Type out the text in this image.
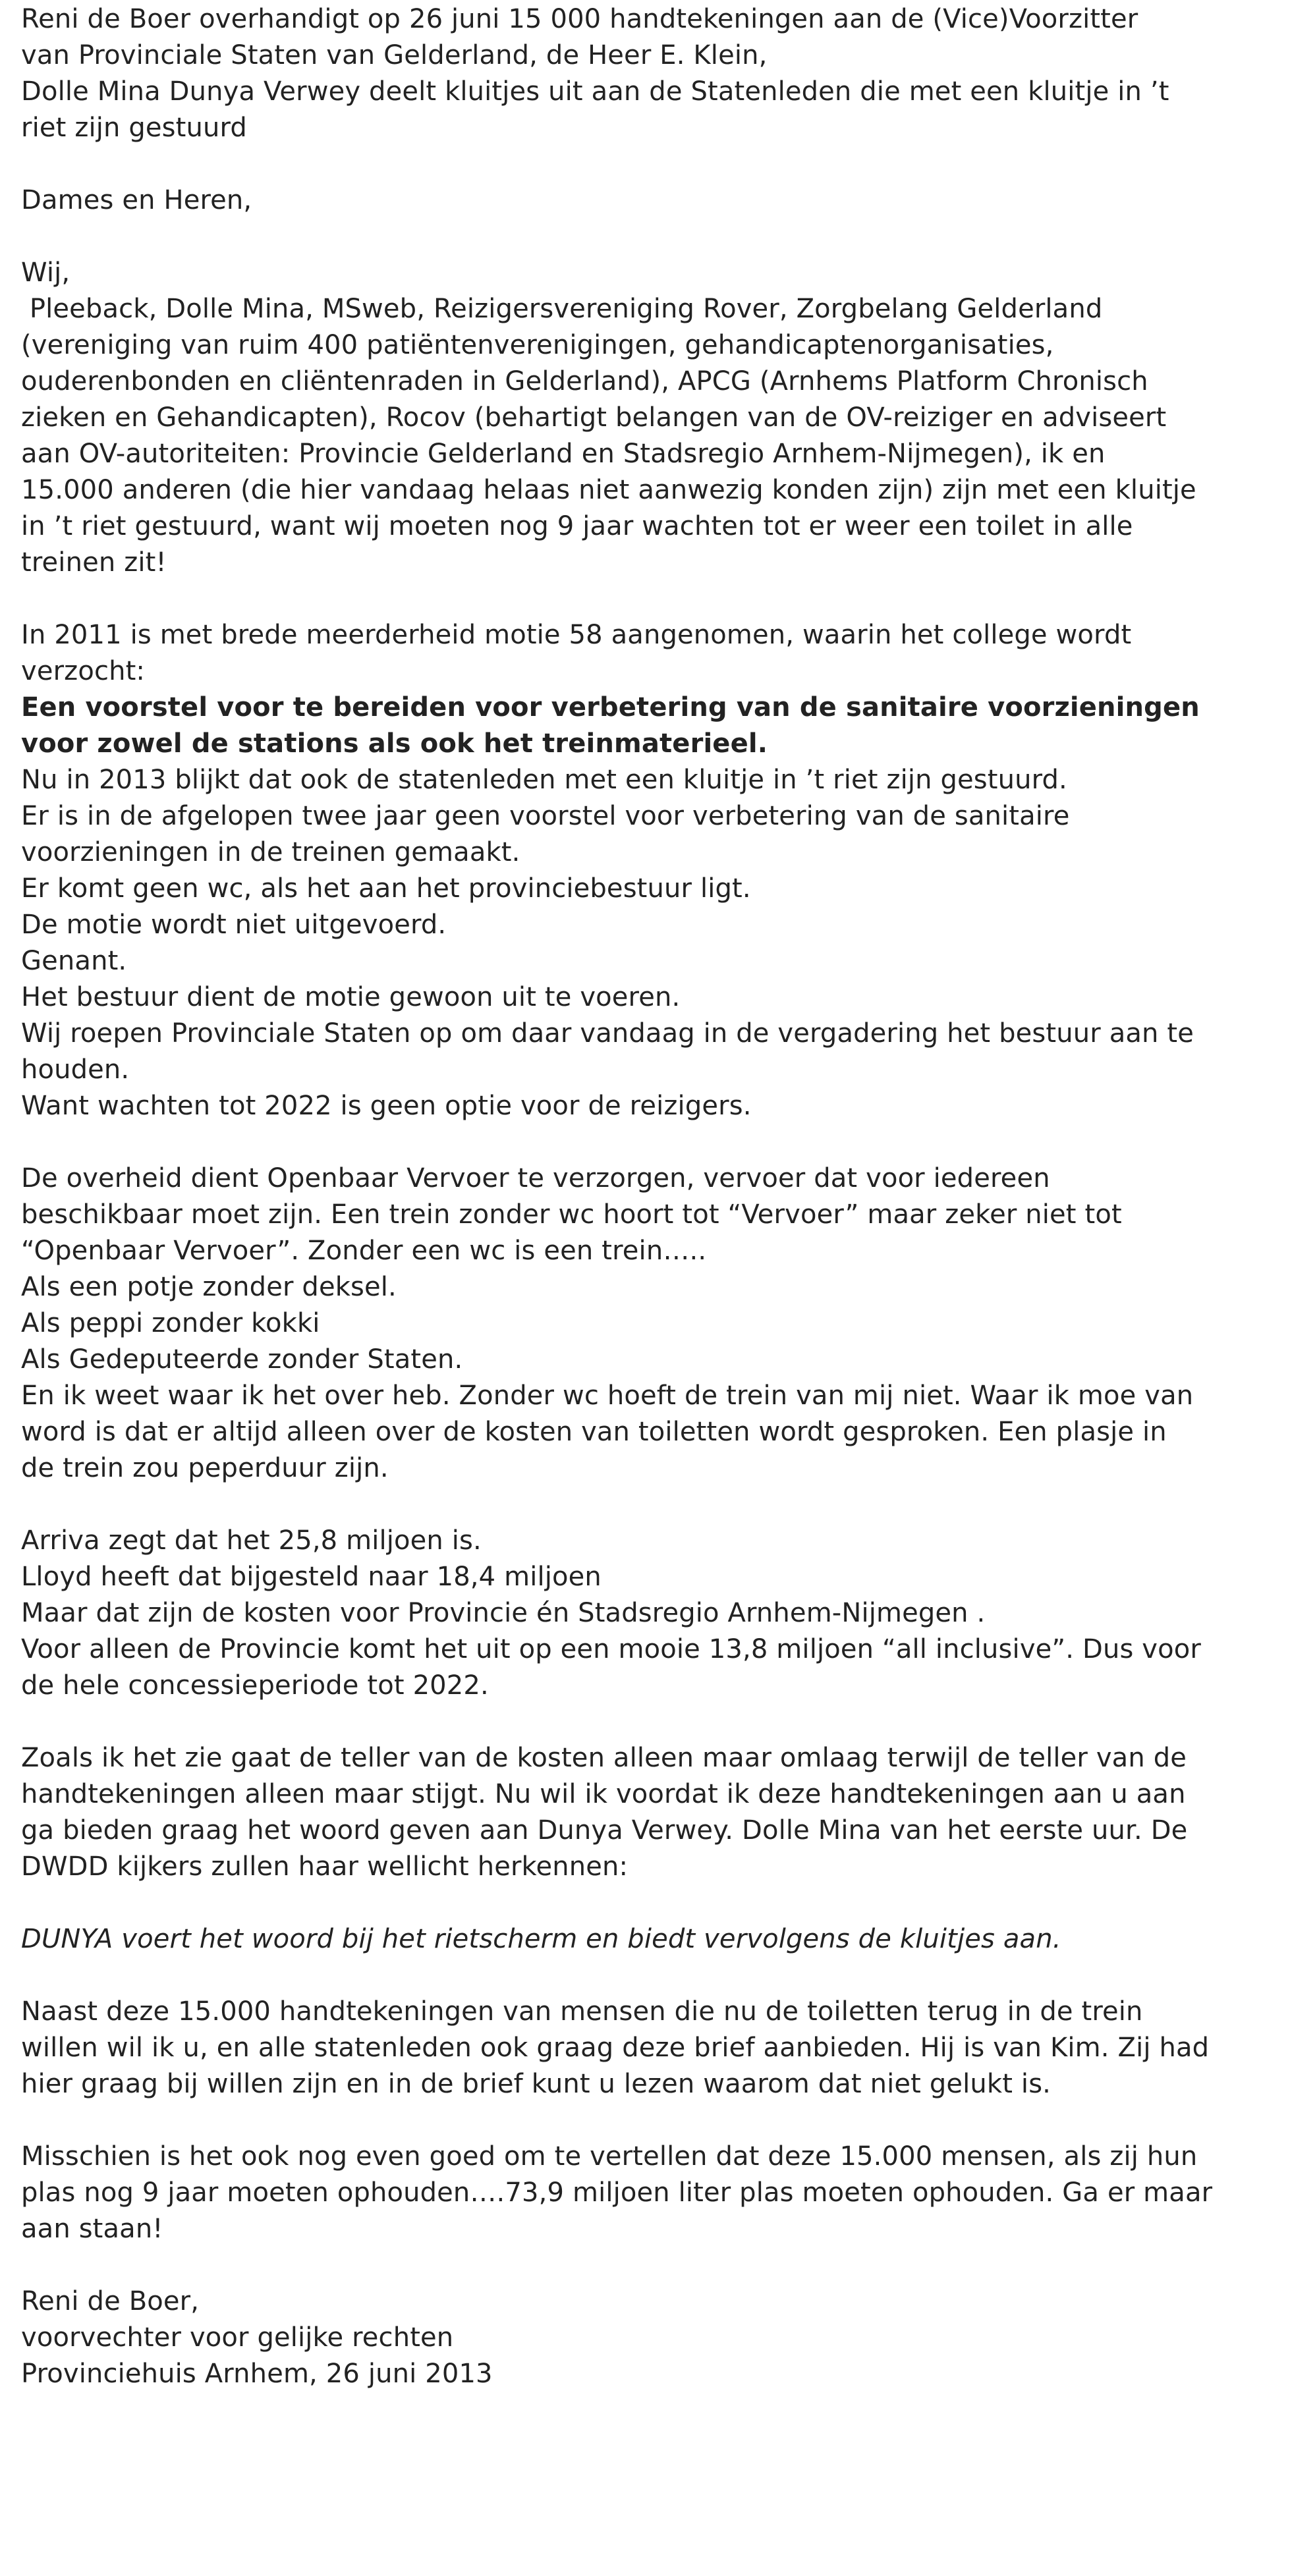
Reni de Boer overhandigt op 26 juni 15 000 handtekeningen aan de (Vice)Voorzitter
van Provinciale Staten van Gelderland, de Heer E. Klein,
Dolle Mina Dunya Verwey deelt kluitjes uit aan de Statenleden die met een kluitje in ’t
riet zijn gestuurd
Dames en Heren,
Wij,
Pleeback, Dolle Mina, MSweb, Reizigersvereniging Rover, Zorgbelang Gelderland
(vereniging van ruim 400 patiëntenverenigingen, gehandicaptenorganisaties,
ouderenbonden en cliëntenraden in Gelderland), APCG (Arnhems Platform Chronisch
zieken en Gehandicapten), Rocov (behartigt belangen van de OV-reiziger en adviseert
aan OV-autoriteiten: Provincie Gelderland en Stadsregio Arnhem-Nijmegen), ik en
15.000 anderen (die hier vandaag helaas niet aanwezig konden zijn) zijn met een kluitje
in ’t riet gestuurd, want wij moeten nog 9 jaar wachten tot er weer een toilet in alle
treinen zit!
In 2011 is met brede meerderheid motie 58 aangenomen, waarin het college wordt
verzocht:
Een voorstel voor te bereiden voor verbetering van de sanitaire voorzieningen
voor zowel de stations als ook het treinmaterieel.
Nu in 2013 blijkt dat ook de statenleden met een kluitje in ’t riet zijn gestuurd.
Er is in de afgelopen twee jaar geen voorstel voor verbetering van de sanitaire
voorzieningen in de treinen gemaakt.
Er komt geen wc, als het aan het provinciebestuur ligt.
De motie wordt niet uitgevoerd.
Genant.
Het bestuur dient de motie gewoon uit te voeren.
Wij roepen Provinciale Staten op om daar vandaag in de vergadering het bestuur aan te
houden.
Want wachten tot 2022 is geen optie voor de reizigers.
De overheid dient Openbaar Vervoer te verzorgen, vervoer dat voor iedereen
beschikbaar moet zijn. Een trein zonder wc hoort tot “Vervoer” maar zeker niet tot
“Openbaar Vervoer”. Zonder een wc is een trein…..
Als een potje zonder deksel.
Als peppi zonder kokki
Als Gedeputeerde zonder Staten.
En ik weet waar ik het over heb. Zonder wc hoeft de trein van mij niet. Waar ik moe van
word is dat er altijd alleen over de kosten van toiletten wordt gesproken. Een plasje in
de trein zou peperduur zijn.
Arriva zegt dat het 25,8 miljoen is.
Lloyd heeft dat bijgesteld naar 18,4 miljoen
Maar dat zijn de kosten voor Provincie én Stadsregio Arnhem-Nijmegen .
Voor alleen de Provincie komt het uit op een mooie 13,8 miljoen “all inclusive”. Dus voor
de hele concessieperiode tot 2022.
Zoals ik het zie gaat de teller van de kosten alleen maar omlaag terwijl de teller van de
handtekeningen alleen maar stijgt. Nu wil ik voordat ik deze handtekeningen aan u aan
ga bieden graag het woord geven aan Dunya Verwey. Dolle Mina van het eerste uur. De
DWDD kijkers zullen haar wellicht herkennen:
DUNYA voert het woord bij het rietscherm en biedt vervolgens de kluitjes aan.
Naast deze 15.000 handtekeningen van mensen die nu de toiletten terug in de trein
willen wil ik u, en alle statenleden ook graag deze brief aanbieden. Hij is van Kim. Zij had
hier graag bij willen zijn en in de brief kunt u lezen waarom dat niet gelukt is.
Misschien is het ook nog even goed om te vertellen dat deze 15.000 mensen, als zij hun
plas nog 9 jaar moeten ophouden….73,9 miljoen liter plas moeten ophouden. Ga er maar
aan staan!
Reni de Boer,
voorvechter voor gelijke rechten
Provinciehuis Arnhem, 26 juni 2013
